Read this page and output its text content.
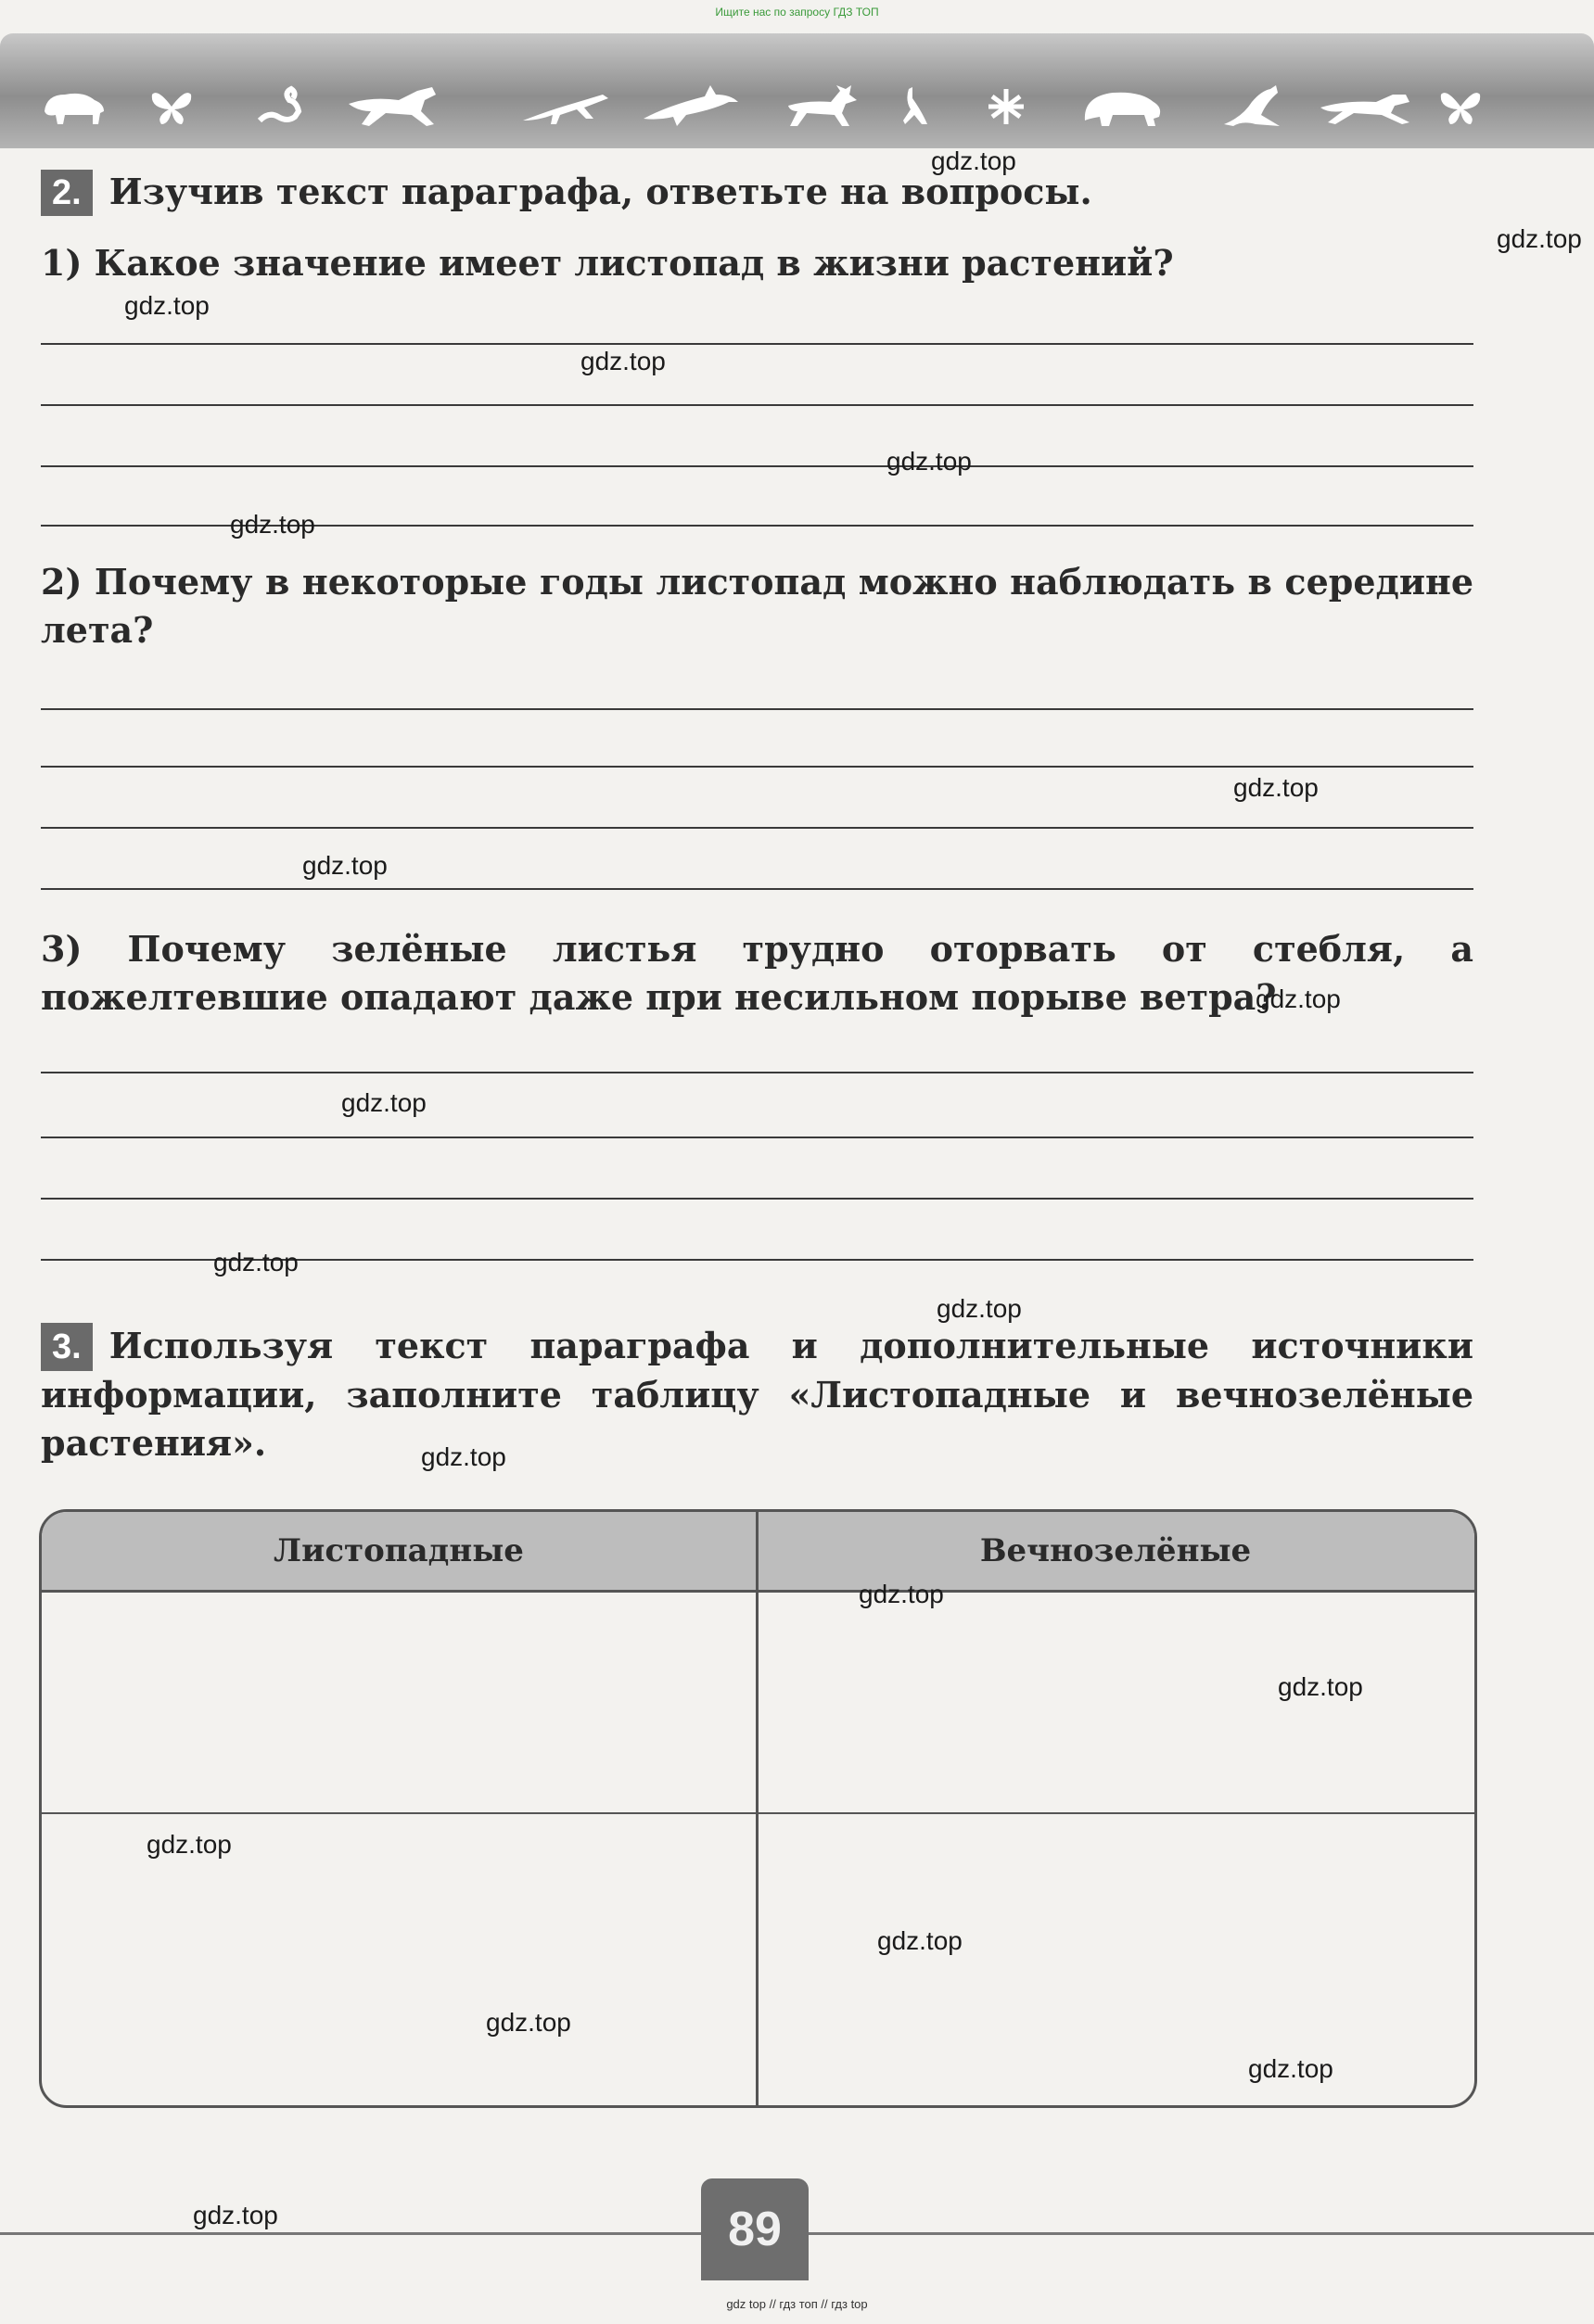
Ищите нас по запросу ГДЗ ТОП
2. Изучив текст параграфа, ответьте на вопросы.
1) Какое значение имеет листопад в жизни растений?
2) Почему в некоторые годы листопад можно наблюдать в середине лета?
3) Почему зелёные листья трудно оторвать от стебля, а пожелтевшие опадают даже при несильном порыве ветра?
3. Используя текст параграфа и дополнительные источники информации, заполните таблицу «Листопадные и вечнозелёные растения».
Листопадные	Вечнозелёные
89
gdz top // гдз топ // гдз top
gdz.top
gdz.top
gdz.top
gdz.top
gdz.top
gdz.top
gdz.top
gdz.top
gdz.top
gdz.top
gdz.top
gdz.top
gdz.top
gdz.top
gdz.top
gdz.top
gdz.top
gdz.top
gdz.top
gdz.top
